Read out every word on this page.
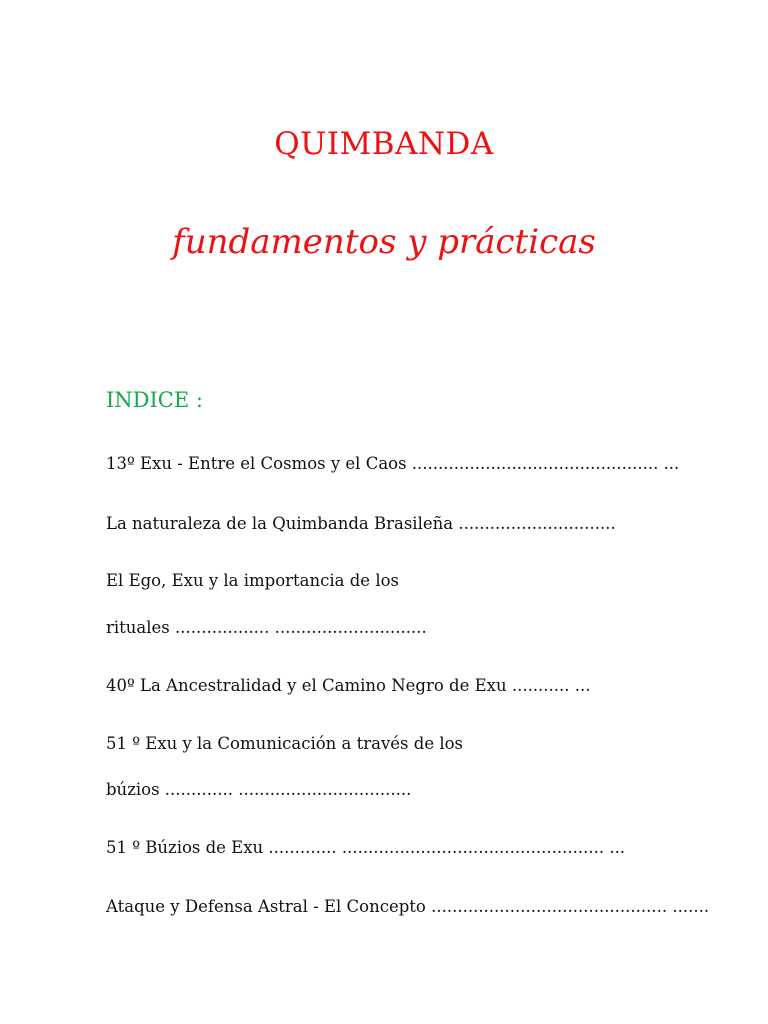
QUIMBANDA
fundamentos y prácticas
INDICE :

13º Exu - Entre el Cosmos y el Caos ............................................... ...

La naturaleza de la Quimbanda Brasileña ..............................

El Ego, Exu y la importancia de los

rituales .................. .............................

40º La Ancestralidad y el Camino Negro de Exu ........... ...

51 º Exu y la Comunicación a través de los

búzios ............. .................................

51 º Búzios de Exu ............. .................................................. ...

Ataque y Defensa Astral - El Concepto ............................................. .......
